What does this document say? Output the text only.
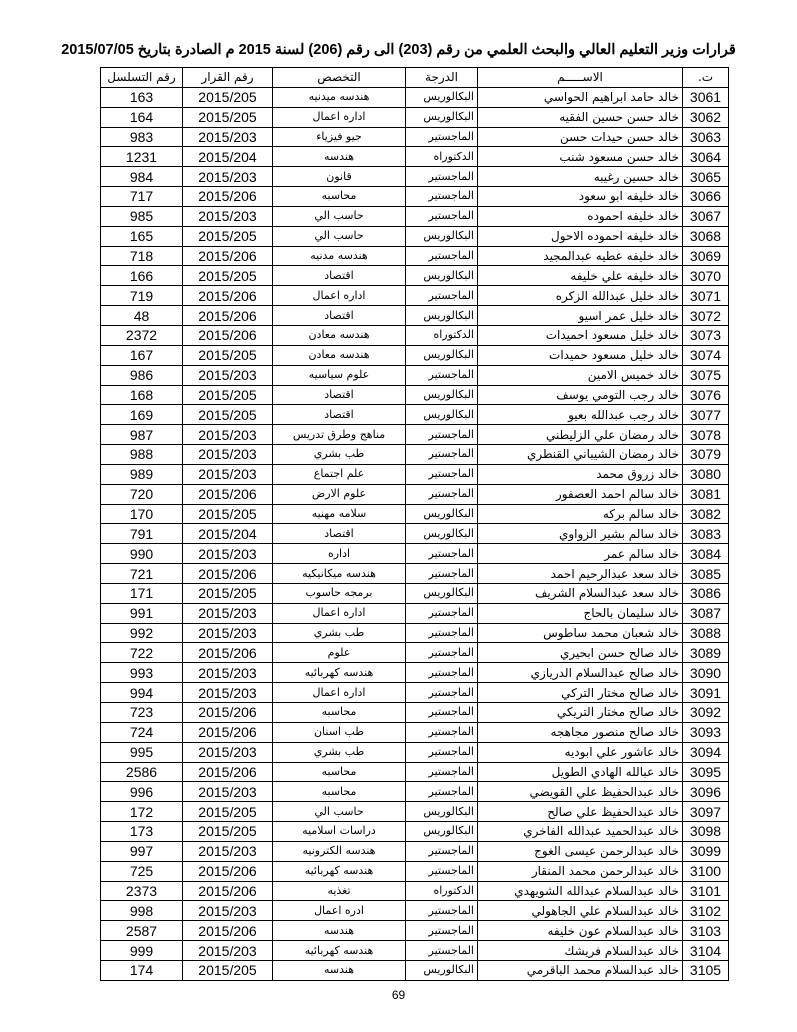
قرارات وزير التعليم العالي والبحث العلمي من رقم (203) الى رقم (206) لسنة 2015 م الصادرة بتاريخ 2015/07/05
ت.	الاســـــم	الدرجة	التخصص	رقم القرار	رقم التسلسل
3061	خالد حامد ابراهيم الحواسي	البكالوريس	هندسه ميدنيه	2015/205	163
3062	خالد حسن حسين الفقيه	البكالوريس	اداره اعمال	2015/205	164
3063	خالد حسن حيدات حسن	الماجستير	جيو فيزياء	2015/203	983
3064	خالد حسن مسعود شنب	الدكتوراه	هندسه	2015/204	1231
3065	خالد حسين رغيبه	الماجستير	قانون	2015/203	984
3066	خالد خليفه ابو سعود	الماجستير	محاسبه	2015/206	717
3067	خالد خليفه احموده	الماجستير	حاسب الي	2015/203	985
3068	خالد خليفه احموده الاحول	البكالوريس	حاسب الي	2015/205	165
3069	خالد خليفه عطيه عبدالمجيد	الماجستير	هندسه مدنيه	2015/206	718
3070	خالد خليفه علي خليفه	البكالوريس	اقتصاد	2015/205	166
3071	خالد خليل عبدالله الزكره	الماجستير	اداره اعمال	2015/206	719
3072	خالد خليل عمر اسيو	البكالوريس	اقتصاد	2015/206	48
3073	خالد خليل مسعود احميدات	الدكتوراه	هندسه معادن	2015/206	2372
3074	خالد خليل مسعود حميدات	البكالوريس	هندسه معادن	2015/205	167
3075	خالد خميس الامين	الماجستير	علوم سياسيه	2015/203	986
3076	خالد رجب التومي يوسف	البكالوريس	اقتصاد	2015/205	168
3077	خالد رجب عبدالله بعيو	البكالوريس	اقتصاد	2015/205	169
3078	خالد رمضان علي الزليطني	الماجستير	مناهج وطرق تدريس	2015/203	987
3079	خالد رمضان الشيباني القنطري	الماجستير	طب بشري	2015/203	988
3080	خالد زروق محمد	الماجستير	علم اجتماع	2015/203	989
3081	خالد سالم احمد العصفور	الماجستير	علوم الارض	2015/206	720
3082	خالد سالم بركه	البكالوريس	سلامه مهنيه	2015/205	170
3083	خالد سالم بشير الزواوي	البكالوريس	اقتصاد	2015/204	791
3084	خالد سالم عمر	الماجستير	اداره	2015/203	990
3085	خالد سعد عبدالرحيم احمد	الماجستير	هندسه ميكانيكيه	2015/206	721
3086	خالد سعد عبدالسلام الشريف	البكالوريس	برمجه حاسوب	2015/205	171
3087	خالد سليمان بالحاج	الماجستير	اداره اعمال	2015/203	991
3088	خالد شعبان محمد ساطوس	الماجستير	طب بشري	2015/203	992
3089	خالد صالح حسن ابحيري	الماجستير	علوم	2015/206	722
3090	خالد صالح عبدالسلام الدريازي	الماجستير	هندسه كهربائيه	2015/203	993
3091	خالد صالح مختار التركي	الماجستير	اداره اعمال	2015/203	994
3092	خالد صالح مختار التريكي	الماجستير	محاسبه	2015/206	723
3093	خالد صالح منصور مجاهجه	الماجستير	طب اسنان	2015/206	724
3094	خالد عاشور علي ابوديه	الماجستير	طب بشري	2015/203	995
3095	خالد عبالله الهادي الطويل	الماجستير	محاسبه	2015/206	2586
3096	خالد عبدالحفيظ علي القويضي	الماجستير	محاسبه	2015/203	996
3097	خالد عبدالحفيظ علي صالح	البكالوريس	حاسب الي	2015/205	172
3098	خالد عبدالحميد عبدالله الفاخري	البكالوريس	دراسات اسلاميه	2015/205	173
3099	خالد عبدالرحمن عيسى الغوج	الماجستير	هندسه الكترونيه	2015/203	997
3100	خالد عبدالرحمن محمد المنقار	الماجستير	هندسه كهربائيه	2015/206	725
3101	خالد عبدالسلام عبدالله الشويهدي	الدكتوراه	تغذيه	2015/206	2373
3102	خالد عبدالسلام علي الجاهولي	الماجستير	ادره اعمال	2015/203	998
3103	خالد عبدالسلام عون خليفه	الماجستير	هندسه	2015/206	2587
3104	خالد عبدالسلام فريشك	الماجستير	هندسه كهربائيه	2015/203	999
3105	خالد عبدالسلام محمد الباقرمي	البكالوريس	هندسه	2015/205	174
69
